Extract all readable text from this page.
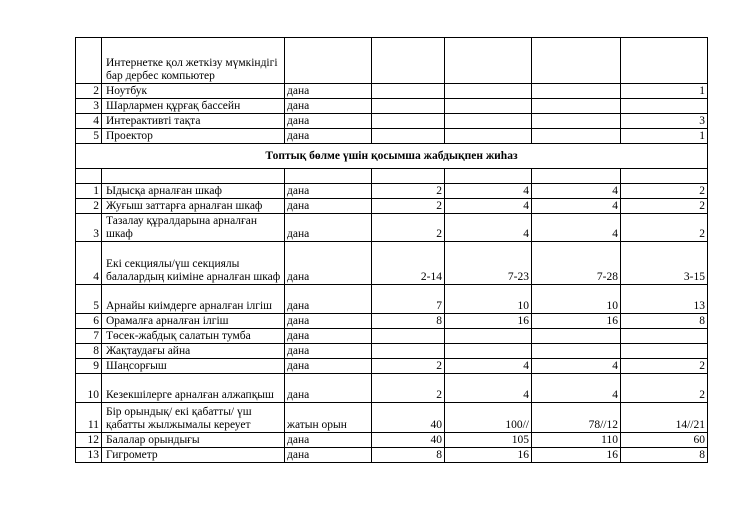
	Интернетке қол жеткізу мүмкіндігі бар дербес компьютер					
2	Ноутбук	дана				1
3	Шарлармен құрғақ бассейн	дана				
4	Интерактивті тақта	дана				3
5	Проектор	дана				1
Топтық бөлме үшін қосымша жабдықпен жиһаз						

1	Ыдысқа арналған шкаф	дана	2	4	4	2
2	Жуғыш заттарға арналған шкаф	дана	2	4	4	2
3	Тазалау құралдарына арналған шкаф	дана	2	4	4	2
4	Екі секциялы/үш секциялы балалардың киіміне арналған шкаф	дана	2-14	7-23	7-28	3-15
5	Арнайы киімдерге арналған ілгіш	дана	7	10	10	13
6	Орамалға арналған ілгіш	дана	8	16	16	8
7	Төсек-жабдық салатын тумба	дана				
8	Жақтаудағы айна	дана				
9	Шаңсорғыш	дана	2	4	4	2
10	Кезекшілерге арналған алжапқыш	дана	2	4	4	2
11	Бір орындық/ екі қабатты/ үш қабатты жылжымалы кереует	жатын орын	40	100//	78//12	14//21
12	Балалар орындығы	дана	40	105	110	60
13	Гигрометр	дана	8	16	16	8
